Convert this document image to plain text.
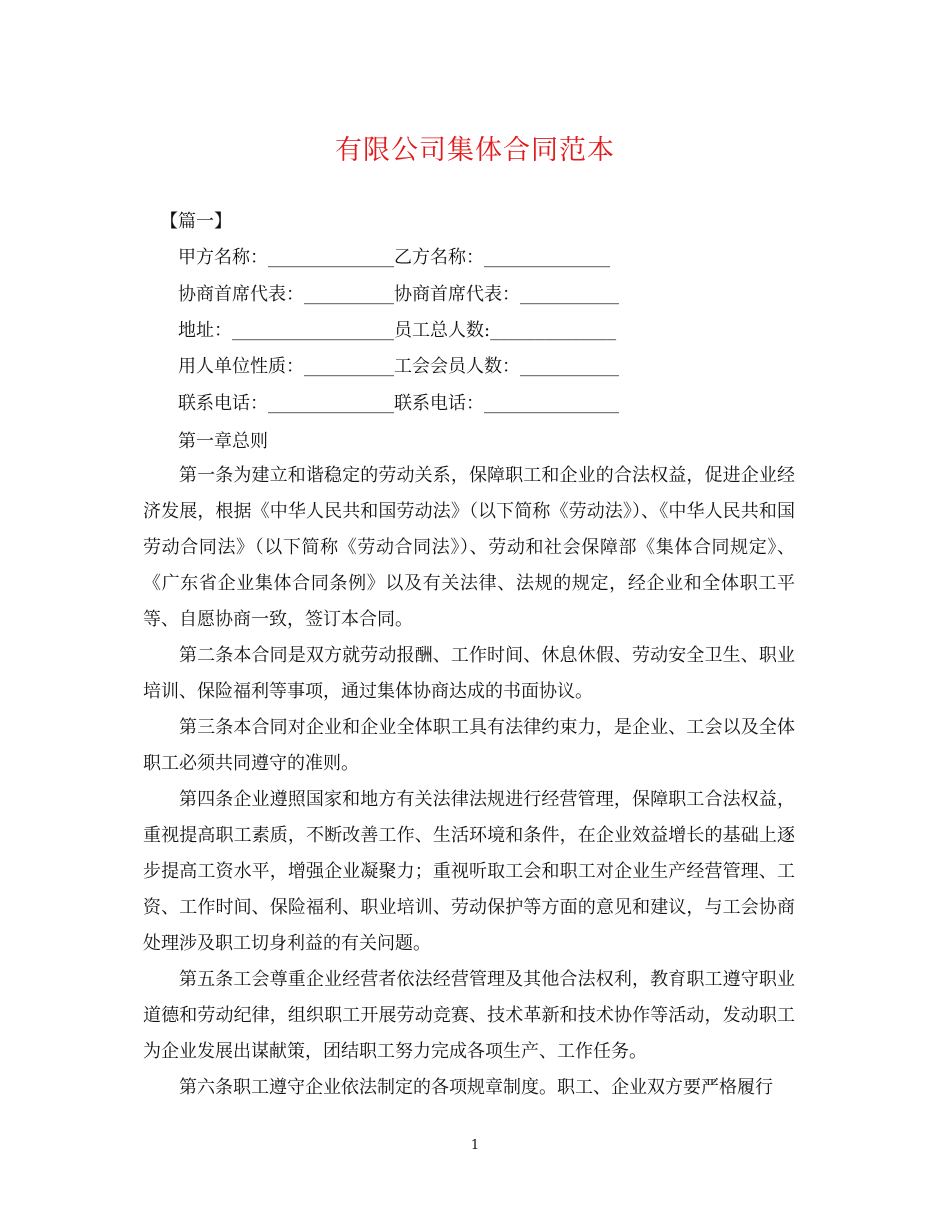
有限公司集体合同范本
【篇一】
甲方名称：______________乙方名称：______________
协商首席代表：__________协商首席代表：___________
地址：__________________员工总人数:______________
用人单位性质：__________工会会员人数：___________
联系电话：______________联系电话：_______________
第一章总则

第一条为建立和谐稳定的劳动关系，保障职工和企业的合法权益，促进企业经济发展，根据《中华人民共和国劳动法》（以下简称《劳动法》）、《中华人民共和国劳动合同法》（以下简称《劳动合同法》）、劳动和社会保障部《集体合同规定》、《广东省企业集体合同条例》以及有关法律、法规的规定，经企业和全体职工平等、自愿协商一致，签订本合同。

第二条本合同是双方就劳动报酬、工作时间、休息休假、劳动安全卫生、职业培训、保险福利等事项，通过集体协商达成的书面协议。

第三条本合同对企业和企业全体职工具有法律约束力，是企业、工会以及全体职工必须共同遵守的准则。

第四条企业遵照国家和地方有关法律法规进行经营管理，保障职工合法权益，重视提高职工素质，不断改善工作、生活环境和条件，在企业效益增长的基础上逐步提高工资水平，增强企业凝聚力；重视听取工会和职工对企业生产经营管理、工资、工作时间、保险福利、职业培训、劳动保护等方面的意见和建议，与工会协商处理涉及职工切身利益的有关问题。

第五条工会尊重企业经营者依法经营管理及其他合法权利，教育职工遵守职业道德和劳动纪律，组织职工开展劳动竞赛、技术革新和技术协作等活动，发动职工为企业发展出谋献策，团结职工努力完成各项生产、工作任务。

第六条职工遵守企业依法制定的各项规章制度。职工、企业双方要严格履行

1
